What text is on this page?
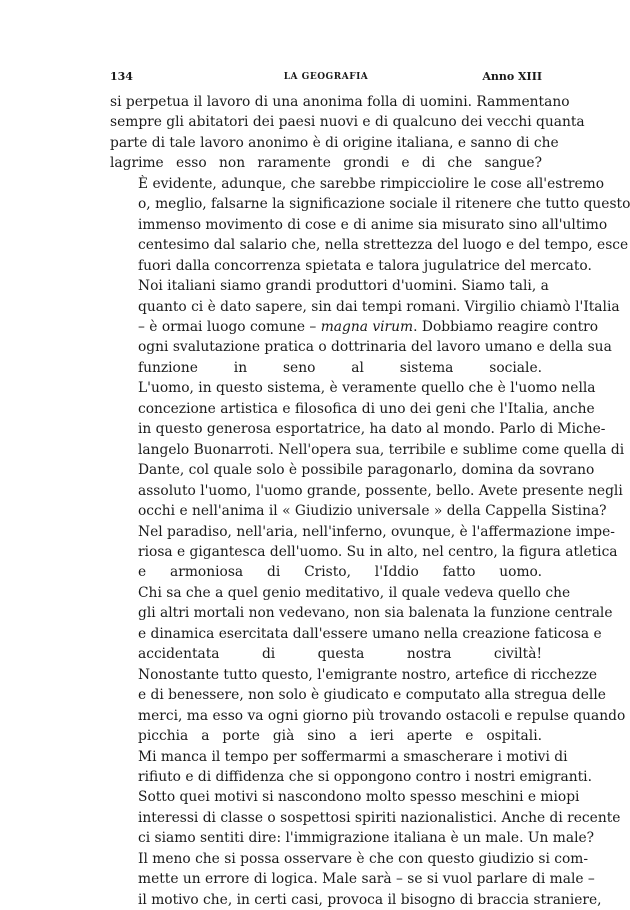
134	LA GEOGRAFIA	Anno XIII

si perpetua il lavoro di una anonima folla di uomini. Rammentano
sempre gli abitatori dei paesi nuovi e di qualcuno dei vecchi quanta
parte di tale lavoro anonimo è di origine italiana, e sanno di che
lagrime esso non raramente grondi e di che sangue?

È evidente, adunque, che sarebbe rimpicciolire le cose all'estremo
o, meglio, falsarne la significazione sociale il ritenere che tutto questo
immenso movimento di cose e di anime sia misurato sino all'ultimo
centesimo dal salario che, nella strettezza del luogo e del tempo, esce
fuori dalla concorrenza spietata e talora jugulatrice del mercato.

Noi italiani siamo grandi produttori d'uomini. Siamo tali, a
quanto ci è dato sapere, sin dai tempi romani. Virgilio chiamò l'Italia
– è ormai luogo comune – magna virum. Dobbiamo reagire contro
ogni svalutazione pratica o dottrinaria del lavoro umano e della sua
funzione in seno al sistema sociale.

L'uomo, in questo sistema, è veramente quello che è l'uomo nella
concezione artistica e filosofica di uno dei geni che l'Italia, anche
in questo generosa esportatrice, ha dato al mondo. Parlo di Miche-
langelo Buonarroti. Nell'opera sua, terribile e sublime come quella di
Dante, col quale solo è possibile paragonarlo, domina da sovrano
assoluto l'uomo, l'uomo grande, possente, bello. Avete presente negli
occhi e nell'anima il « Giudizio universale » della Cappella Sistina?
Nel paradiso, nell'aria, nell'inferno, ovunque, è l'affermazione impe-
riosa e gigantesca dell'uomo. Su in alto, nel centro, la figura atletica
e armoniosa di Cristo, l'Iddio fatto uomo.

Chi sa che a quel genio meditativo, il quale vedeva quello che
gli altri mortali non vedevano, non sia balenata la funzione centrale
e dinamica esercitata dall'essere umano nella creazione faticosa e
accidentata di questa nostra civiltà!

Nonostante tutto questo, l'emigrante nostro, artefice di ricchezze
e di benessere, non solo è giudicato e computato alla stregua delle
merci, ma esso va ogni giorno più trovando ostacoli e repulse quando
picchia a porte già sino a ieri aperte e ospitali.

Mi manca il tempo per soffermarmi a smascherare i motivi di
rifiuto e di diffidenza che si oppongono contro i nostri emigranti.
Sotto quei motivi si nascondono molto spesso meschini e miopi
interessi di classe o sospettosi spiriti nazionalistici. Anche di recente
ci siamo sentiti dire: l'immigrazione italiana è un male. Un male?
Il meno che si possa osservare è che con questo giudizio si com-
mette un errore di logica. Male sarà – se si vuol parlare di male –
il motivo che, in certi casi, provoca il bisogno di braccia straniere,
